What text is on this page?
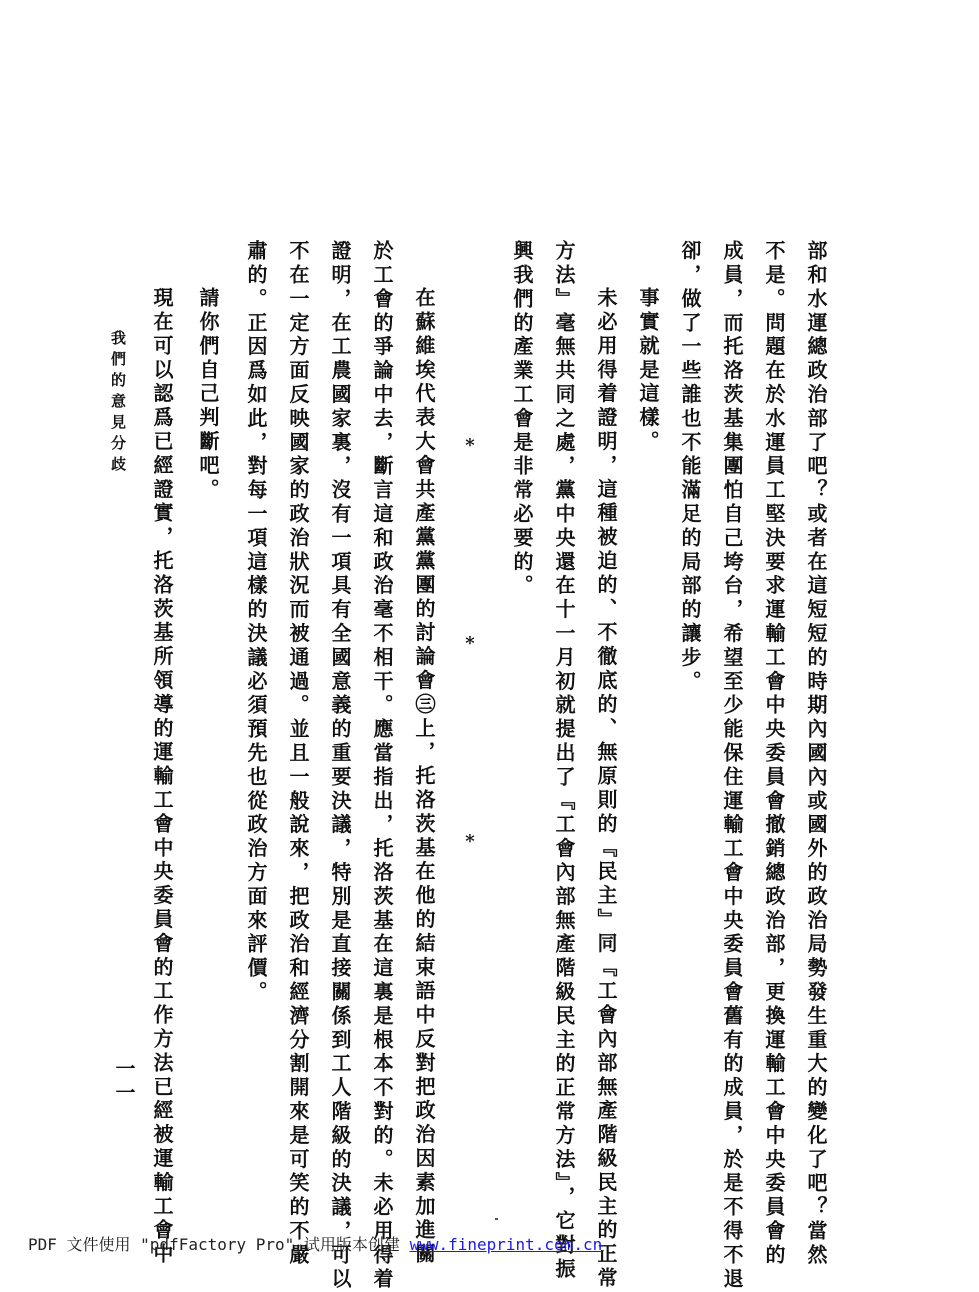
部和水運總政治部了吧？或者在這短短的時期內國內或國外的政治局勢發生重大的變化了吧？當然
不是。問題在於水運員工堅決要求運輸工會中央委員會撤銷總政治部，更換運輸工會中央委員會的
成員，而托洛茨基集團怕自己垮台，希望至少能保住運輸工會中央委員會舊有的成員，於是不得不退
卻，做了一些誰也不能滿足的局部的讓步。
事實就是這樣。
未必用得着證明，這種被迫的、不徹底的、無原則的『民主』同『工會內部無產階級民主的正常
方法』毫無共同之處，黨中央還在十一月初就提出了『工會內部無產階級民主的正常方法』，它對振
興我們的產業工會是非常必要的。
*
*
*
在蘇維埃代表大會共產黨黨團的討論會㊂上，托洛茨基在他的結束語中反對把政治因素加進關
於工會的爭論中去，斷言這和政治毫不相干。應當指出，托洛茨基在這裏是根本不對的。未必用得着
證明，在工農國家裏，沒有一項具有全國意義的重要決議，特別是直接關係到工人階級的決議，可以
不在一定方面反映國家的政治狀況而被通過。並且一般說來，把政治和經濟分割開來是可笑的不嚴
肅的。正因爲如此，對每一項這樣的決議必須預先也從政治方面來評價。
請你們自己判斷吧。
現在可以認爲已經證實，托洛茨基所領導的運輸工會中央委員會的工作方法已經被運輸工會中
我們的意見分歧
一一
PDF 文件使用 "pdfFactory Pro" 试用版本创建 www.fineprint.com.cn
